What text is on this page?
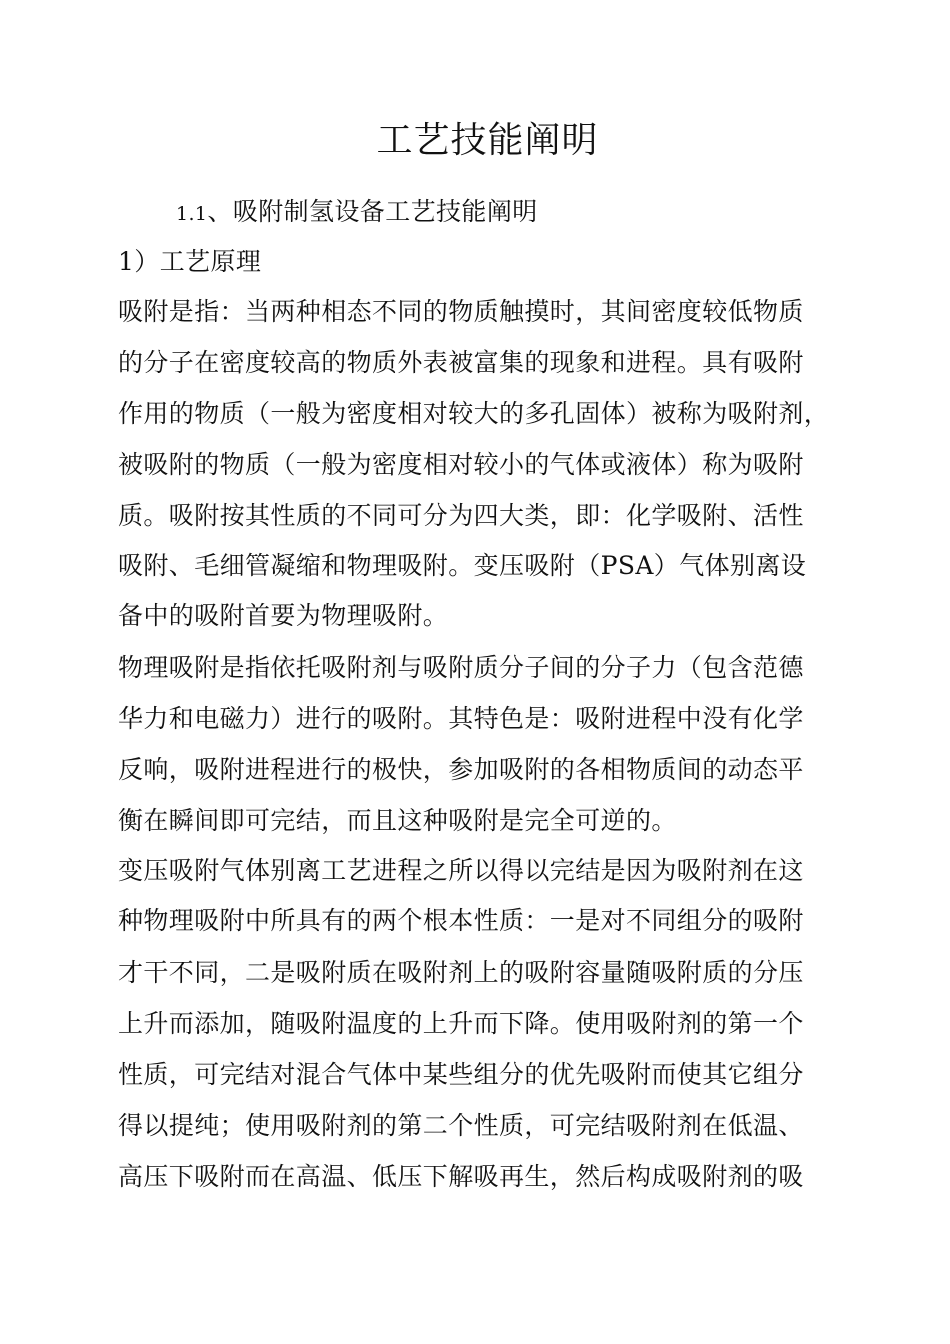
工艺技能阐明
1.1、吸附制氢设备工艺技能阐明
1）工艺原理
吸附是指：当两种相态不同的物质触摸时，其间密度较低物质
的分子在密度较高的物质外表被富集的现象和进程。具有吸附
作用的物质（一般为密度相对较大的多孔固体）被称为吸附剂，
被吸附的物质（一般为密度相对较小的气体或液体）称为吸附
质。吸附按其性质的不同可分为四大类，即：化学吸附、活性
吸附、毛细管凝缩和物理吸附。变压吸附（PSA）气体别离设
备中的吸附首要为物理吸附。
物理吸附是指依托吸附剂与吸附质分子间的分子力（包含范德
华力和电磁力）进行的吸附。其特色是：吸附进程中没有化学
反响，吸附进程进行的极快，参加吸附的各相物质间的动态平
衡在瞬间即可完结，而且这种吸附是完全可逆的。
变压吸附气体别离工艺进程之所以得以完结是因为吸附剂在这
种物理吸附中所具有的两个根本性质：一是对不同组分的吸附
才干不同，二是吸附质在吸附剂上的吸附容量随吸附质的分压
上升而添加，随吸附温度的上升而下降。使用吸附剂的第一个
性质，可完结对混合气体中某些组分的优先吸附而使其它组分
得以提纯；使用吸附剂的第二个性质，可完结吸附剂在低温、
高压下吸附而在高温、低压下解吸再生，然后构成吸附剂的吸
